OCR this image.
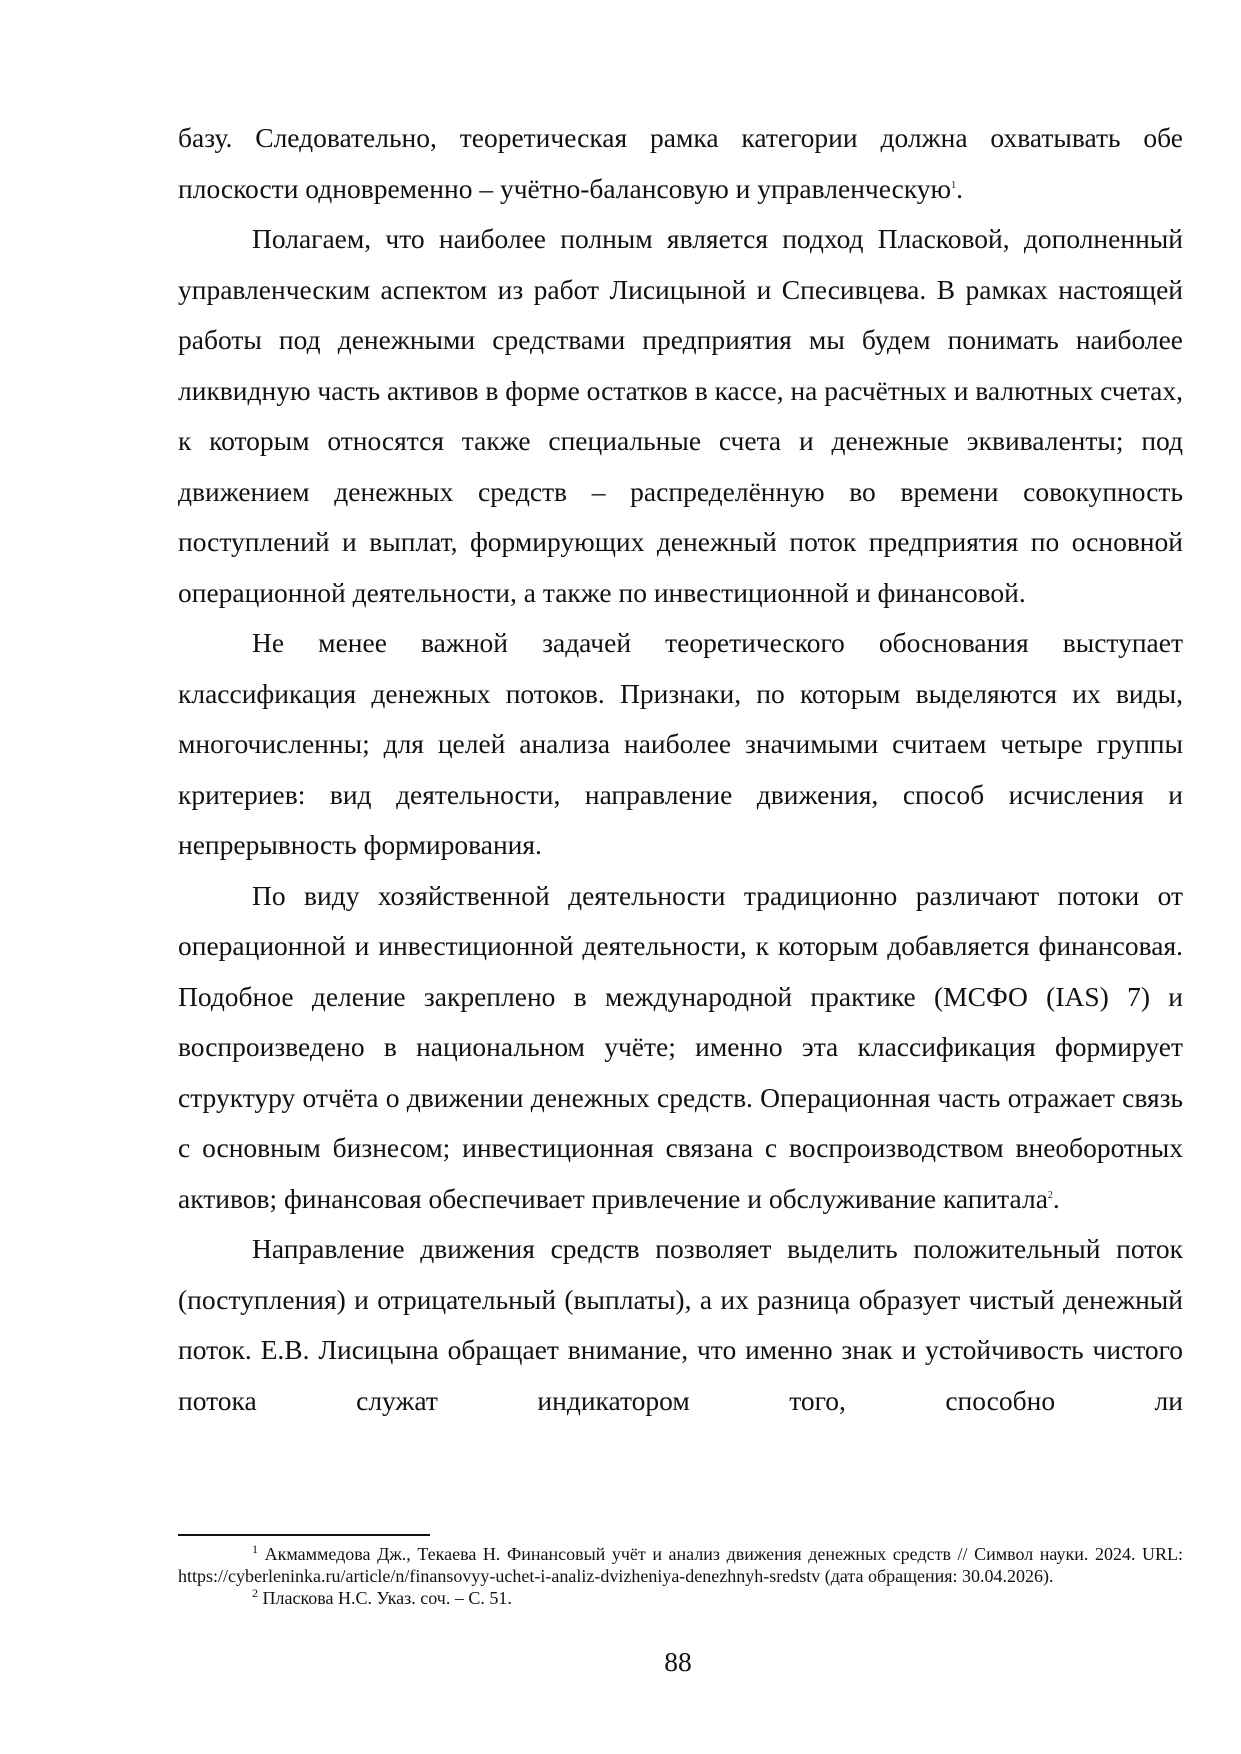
базу. Следовательно, теоретическая рамка категории должна охватывать обе плоскости одновременно – учётно-балансовую и управленческую$^1$.

Полагаем, что наиболее полным является подход Пласковой, дополненный управленческим аспектом из работ Лисицыной и Спесивцева. В рамках настоящей работы под денежными средствами предприятия мы будем понимать наиболее ликвидную часть активов в форме остатков в кассе, на расчётных и валютных счетах, к которым относятся также специальные счета и денежные эквиваленты; под движением денежных средств – распределённую во времени совокупность поступлений и выплат, формирующих денежный поток предприятия по основной операционной деятельности, а также по инвестиционной и финансовой.

Не менее важной задачей теоретического обоснования выступает классификация денежных потоков. Признаки, по которым выделяются их виды, многочисленны; для целей анализа наиболее значимыми считаем четыре группы критериев: вид деятельности, направление движения, способ исчисления и непрерывность формирования.

По виду хозяйственной деятельности традиционно различают потоки от операционной и инвестиционной деятельности, к которым добавляется финансовая. Подобное деление закреплено в международной практике (МСФО (IAS) 7) и воспроизведено в национальном учёте; именно эта классификация формирует структуру отчёта о движении денежных средств. Операционная часть отражает связь с основным бизнесом; инвестиционная связана с воспроизводством внеоборотных активов; финансовая обеспечивает привлечение и обслуживание капитала$^2$.

Направление движения средств позволяет выделить положительный поток (поступления) и отрицательный (выплаты), а их разница образует чистый денежный поток. Е.В. Лисицына обращает внимание, что именно знак и устойчивость чистого потока служат индикатором того, способно ли

$^1$ Акмаммедова Дж., Текаева Н. Финансовый учёт и анализ движения денежных средств // Символ науки. 2024. URL: https://cyberleninka.ru/article/n/finansovyy-uchet-i-analiz-dvizheniya-denezhnyh-sredstv (дата обращения: 30.04.2026).

$^2$ Пласкова Н.С. Указ. соч. – С. 51.

88
